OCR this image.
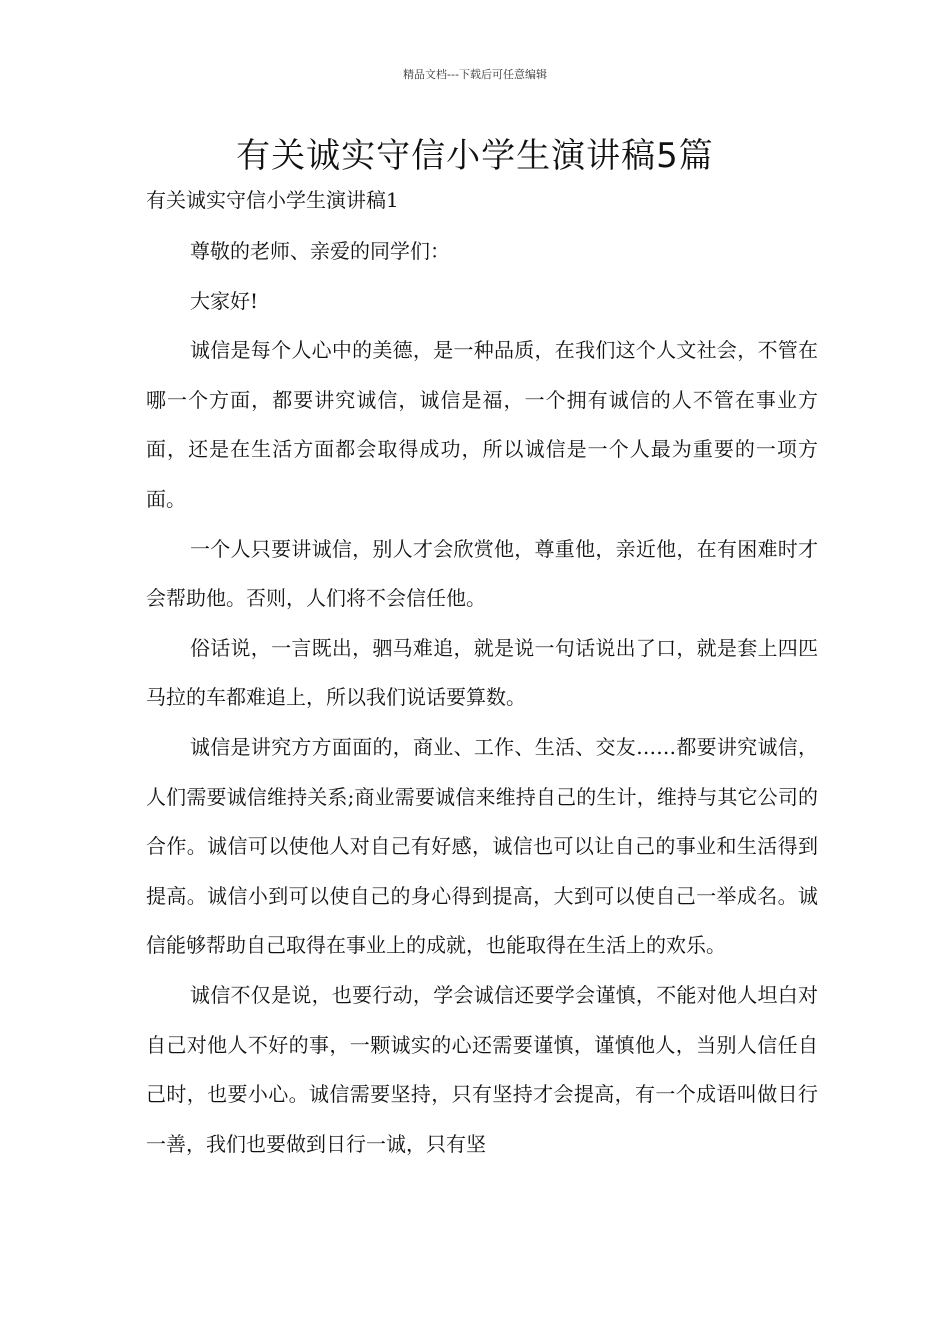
精品文档---下载后可任意编辑
有关诚实守信小学生演讲稿5篇
有关诚实守信小学生演讲稿1

尊敬的老师、亲爱的同学们：

大家好!

诚信是每个人心中的美德，是一种品质，在我们这个人文社会，不管在哪一个方面，都要讲究诚信，诚信是福，一个拥有诚信的人不管在事业方面，还是在生活方面都会取得成功，所以诚信是一个人最为重要的一项方面。

一个人只要讲诚信，别人才会欣赏他，尊重他，亲近他，在有困难时才会帮助他。否则，人们将不会信任他。

俗话说，一言既出，驷马难追，就是说一句话说出了口，就是套上四匹马拉的车都难追上，所以我们说话要算数。

诚信是讲究方方面面的，商业、工作、生活、交友……都要讲究诚信，人们需要诚信维持关系;商业需要诚信来维持自己的生计，维持与其它公司的合作。诚信可以使他人对自己有好感，诚信也可以让自己的事业和生活得到提高。诚信小到可以使自己的身心得到提高，大到可以使自己一举成名。诚信能够帮助自己取得在事业上的成就，也能取得在生活上的欢乐。

诚信不仅是说，也要行动，学会诚信还要学会谨慎，不能对他人坦白对自己对他人不好的事，一颗诚实的心还需要谨慎，谨慎他人，当别人信任自己时，也要小心。诚信需要坚持，只有坚持才会提高，有一个成语叫做日行一善，我们也要做到日行一诚，只有坚
